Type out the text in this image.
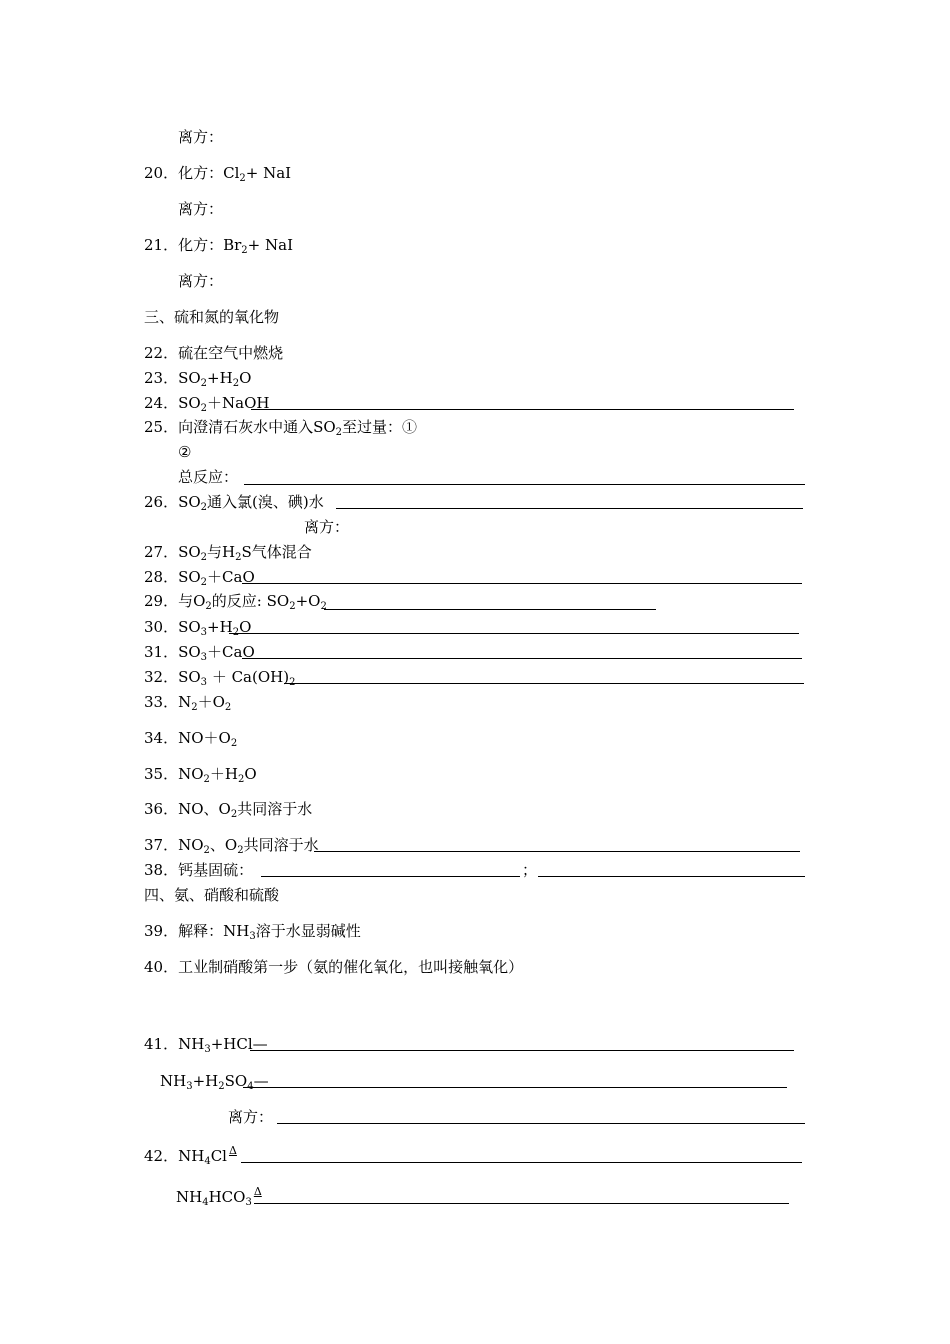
离方：
20．化方：$Cl_2+$ NaI
离方：
21．化方：$Br_2+$ NaI
离方：
三、硫和氮的氧化物
22．硫在空气中燃烧
23．$SO_2+H_2O$
24．$SO_2+NaOH$
25．向澄清石灰水中通入$SO_2$至过量：①
②
总反应：
26．$SO_2$通入氯(溴、碘)水
离方：
27．$SO_2$与$H_2S$气体混合
28．$SO_2+CaO$
29．与$O_2$的反应: $SO_2+O_2$
30．$SO_3+H_2O$
31．$SO_3+CaO$
32．$SO_3 + Ca(OH)_2$
33．$N_2+O_2$
34．$NO+O_2$
35．$NO_2+H_2O$
36．NO、$O_2$共同溶于水
37．$NO_2$、$O_2$共同溶于水
38．钙基固硫：	；
四、氨、硝酸和硫酸
39．解释：$NH_3$溶于水显弱碱性
40．工业制硝酸第一步（氨的催化氧化，也叫接触氧化）
41．$NH_3+HCl—$
$NH_3+H_2SO_4—$
离方：
42．$NH_4Cl$ $^\Delta$
$NH_4HCO_3^\Delta$
